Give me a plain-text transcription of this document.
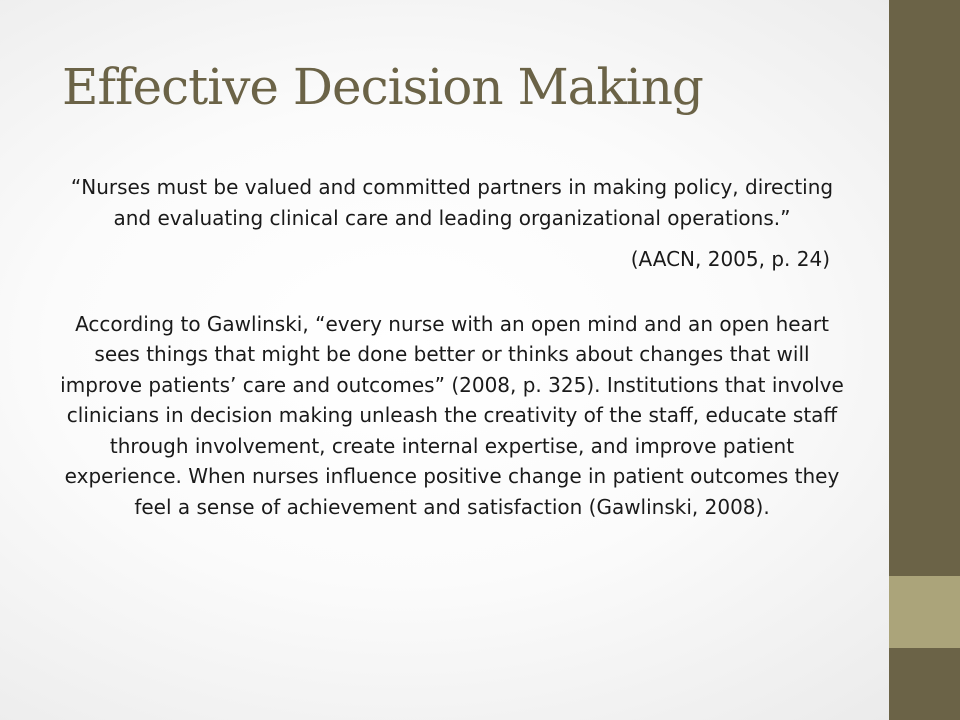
Effective Decision Making

“Nurses must be valued and committed partners in making policy, directing and evaluating clinical care and leading organizational operations.”

(AACN, 2005, p. 24)

According to Gawlinski, “every nurse with an open mind and an open heart sees things that might be done better or thinks about changes that will improve patients’ care and outcomes” (2008, p. 325). Institutions that involve clinicians in decision making unleash the creativity of the staff, educate staff through involvement, create internal expertise, and improve patient experience. When nurses influence positive change in patient outcomes they feel a sense of achievement and satisfaction (Gawlinski, 2008).
